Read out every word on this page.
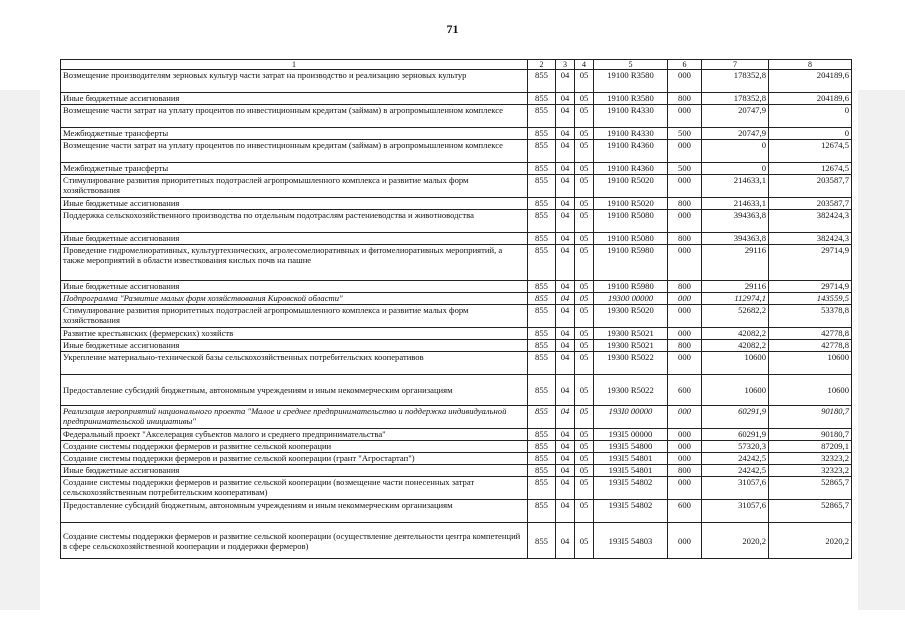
71
1	2	3	4	5	6	7	8
Возмещение производителям зерновых культур части затрат на производство и реализацию зерновых культур	855	04	05	19100 R3580	000	178352,8	204189,6
Иные бюджетные ассигнования	855	04	05	19100 R3580	800	178352,8	204189,6
Возмещение части затрат на уплату процентов по инвестиционным кредитам (займам) в агропромышленном комплексе	855	04	05	19100 R4330	000	20747,9	0
Межбюджетные трансферты	855	04	05	19100 R4330	500	20747,9	0
Возмещение части затрат на уплату процентов по инвестиционным кредитам (займам) в агропромышленном комплексе	855	04	05	19100 R4360	000	0	12674,5
Межбюджетные трансферты	855	04	05	19100 R4360	500	0	12674,5
Стимулирование развития приоритетных подотраслей агропромышленного комплекса и развитие малых форм хозяйствования	855	04	05	19100 R5020	000	214633,1	203587,7
Иные бюджетные ассигнования	855	04	05	19100 R5020	800	214633,1	203587,7
Поддержка сельскохозяйственного производства по отдельным подотраслям растениеводства и животноводства	855	04	05	19100 R5080	000	394363,8	382424,3
Иные бюджетные ассигнования	855	04	05	19100 R5080	800	394363,8	382424,3
Проведение гидромелиоративных, культуртехнических, агролесомелиоративных и фитомелиоративных мероприятий, а также мероприятий в области известкования кислых почв на пашне	855	04	05	19100 R5980	000	29116	29714,9
Иные бюджетные ассигнования	855	04	05	19100 R5980	800	29116	29714,9
Подпрограмма "Развитие малых форм хозяйствования Кировской области"	855	04	05	19300 00000	000	112974,1	143559,5
Стимулирование развития приоритетных подотраслей агропромышленного комплекса и развитие малых форм хозяйствования	855	04	05	19300 R5020	000	52682,2	53378,8
Развитие крестьянских (фермерских) хозяйств	855	04	05	19300 R5021	000	42082,2	42778,8
Иные бюджетные ассигнования	855	04	05	19300 R5021	800	42082,2	42778,8
Укрепление материально-технической базы сельскохозяйственных потребительских кооперативов	855	04	05	19300 R5022	000	10600	10600
Предоставление субсидий бюджетным, автономным учреждениям и иным некоммерческим организациям	855	04	05	19300 R5022	600	10600	10600
Реализация мероприятий национального проекта "Малое и среднее предпринимательство и поддержка индивидуальной предпринимательской инициативы"	855	04	05	193I0 00000	000	60291,9	90180,7
Федеральный проект "Акселерация субъектов малого и среднего предпринимательства"	855	04	05	193I5 00000	000	60291,9	90180,7
Создание системы поддержки фермеров и развитие сельской кооперации	855	04	05	193I5 54800	000	57320,3	87209,1
Создание системы поддержки фермеров и развитие сельской кооперации (грант "Агростартап")	855	04	05	193I5 54801	000	24242,5	32323,2
Иные бюджетные ассигнования	855	04	05	193I5 54801	800	24242,5	32323,2
Создание системы поддержки фермеров и развитие сельской кооперации (возмещение части понесенных затрат сельскохозяйственным потребительским кооперативам)	855	04	05	193I5 54802	000	31057,6	52865,7
Предоставление субсидий бюджетным, автономным учреждениям и иным некоммерческим организациям	855	04	05	193I5 54802	600	31057,6	52865,7
Создание системы поддержки фермеров и развитие сельской кооперации (осуществление деятельности центра компетенций в сфере сельскохозяйственной кооперации и поддержки фермеров)	855	04	05	193I5 54803	000	2020,2	2020,2
